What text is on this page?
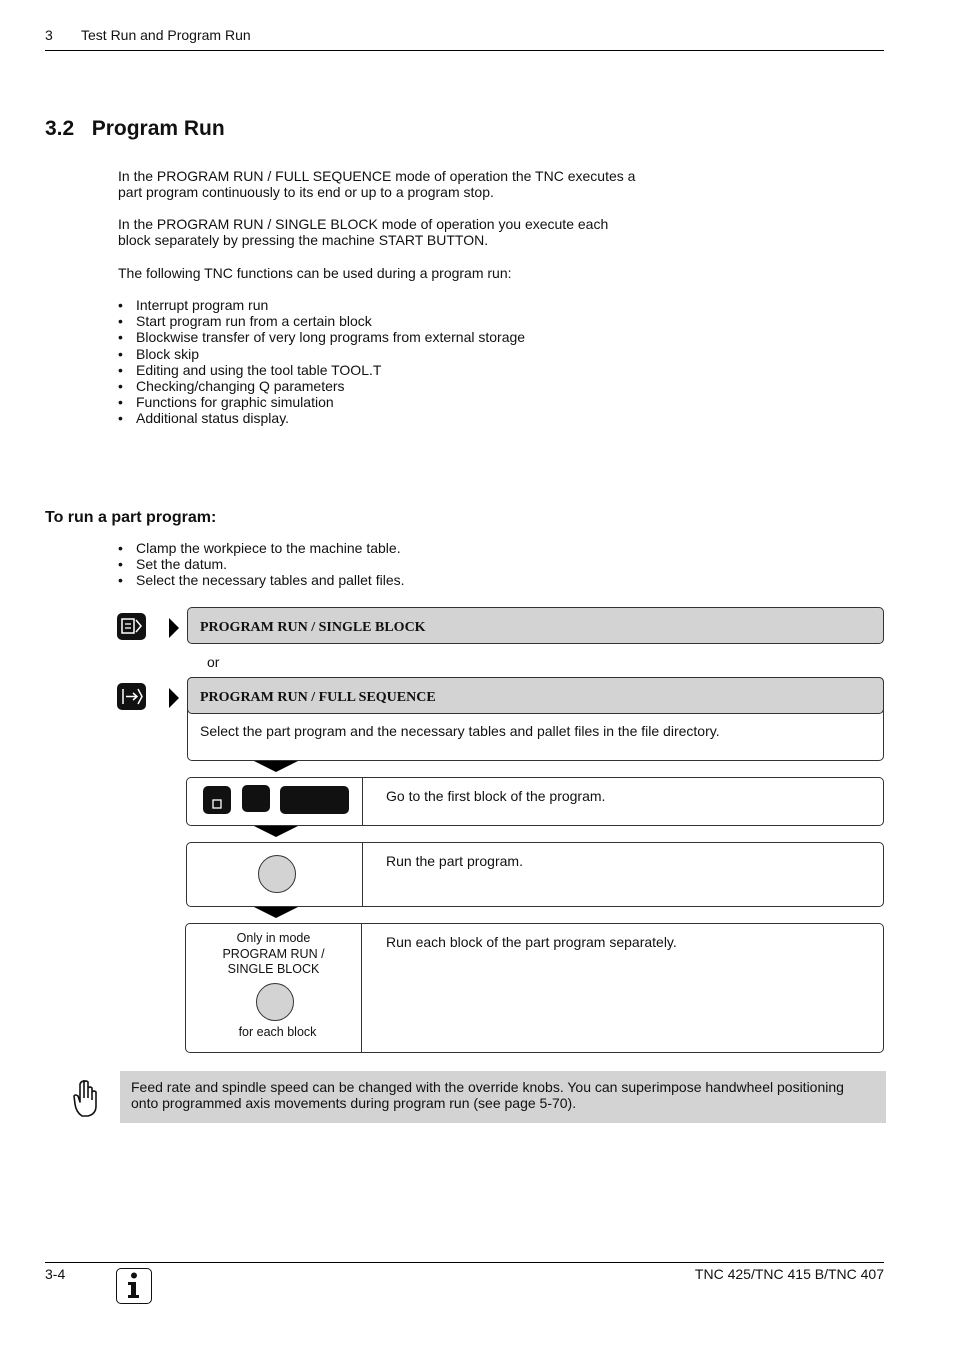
3 Test Run and Program Run
3.2   Program Run
In the PROGRAM RUN / FULL SEQUENCE mode of operation the TNC executes a part program continuously to its end or up to a program stop.
In the PROGRAM RUN / SINGLE BLOCK mode of operation you execute each block separately by pressing the machine START BUTTON.
The following TNC functions can be used during a program run:
• Interrupt program run
• Start program run from a certain block
• Blockwise transfer of very long programs from external storage
• Block skip
• Editing and using the tool table TOOL.T
• Checking/changing Q parameters
• Functions for graphic simulation
• Additional status display.
To run a part program:
• Clamp the workpiece to the machine table.
• Set the datum.
• Select the necessary tables and pallet files.
PROGRAM RUN / SINGLE BLOCK
or
PROGRAM RUN / FULL SEQUENCE
Select the part program and the necessary tables and pallet files in the file directory.
Go to the first block of the program.
Run the part program.
Only in mode
PROGRAM RUN /
SINGLE BLOCK
for each block
Run each block of the part program separately.
Feed rate and spindle speed can be changed with the override knobs. You can superimpose handwheel positioning onto programmed axis movements during program run (see page 5-70).
3-4	TNC 425/TNC 415 B/TNC 407
